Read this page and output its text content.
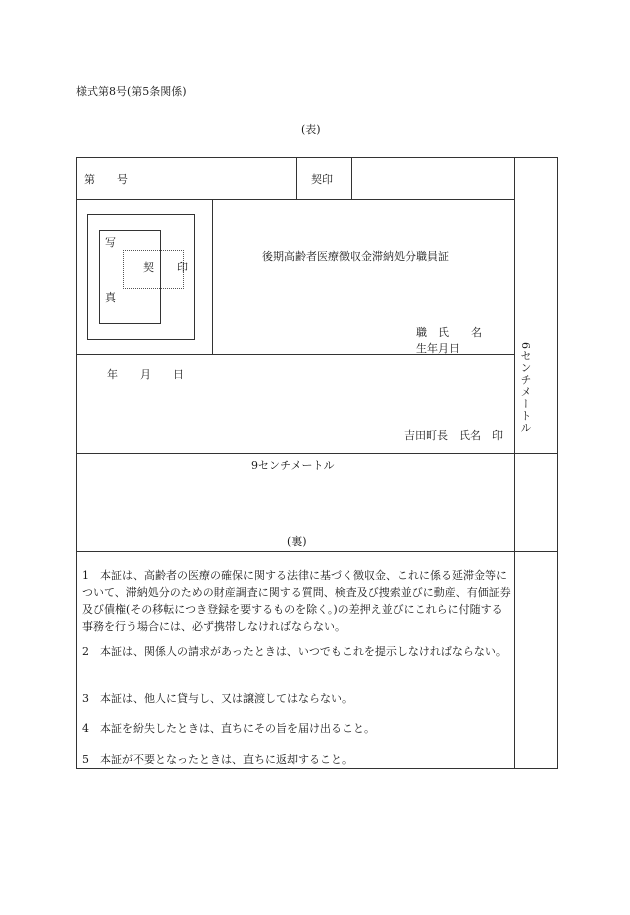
様式第8号(第5条関係)
(表)
第　　号	契印
写
真
契 印
後期高齢者医療徴収金滞納処分職員証
職　氏　　名
生年月日
年　　月　　日
吉田町長　氏名　印
6センチメートル
9センチメートル
(裏)
1　本証は、高齢者の医療の確保に関する法律に基づく徴収金、これに係る延滞金等について、滞納処分のための財産調査に関する質問、検査及び捜索並びに動産、有価証券及び債権(その移転につき登録を要するものを除く。)の差押え並びにこれらに付随する事務を行う場合には、必ず携帯しなければならない。
2　本証は、関係人の請求があったときは、いつでもこれを提示しなければならない。
3　本証は、他人に貸与し、又は譲渡してはならない。
4　本証を紛失したときは、直ちにその旨を届け出ること。
5　本証が不要となったときは、直ちに返却すること。
